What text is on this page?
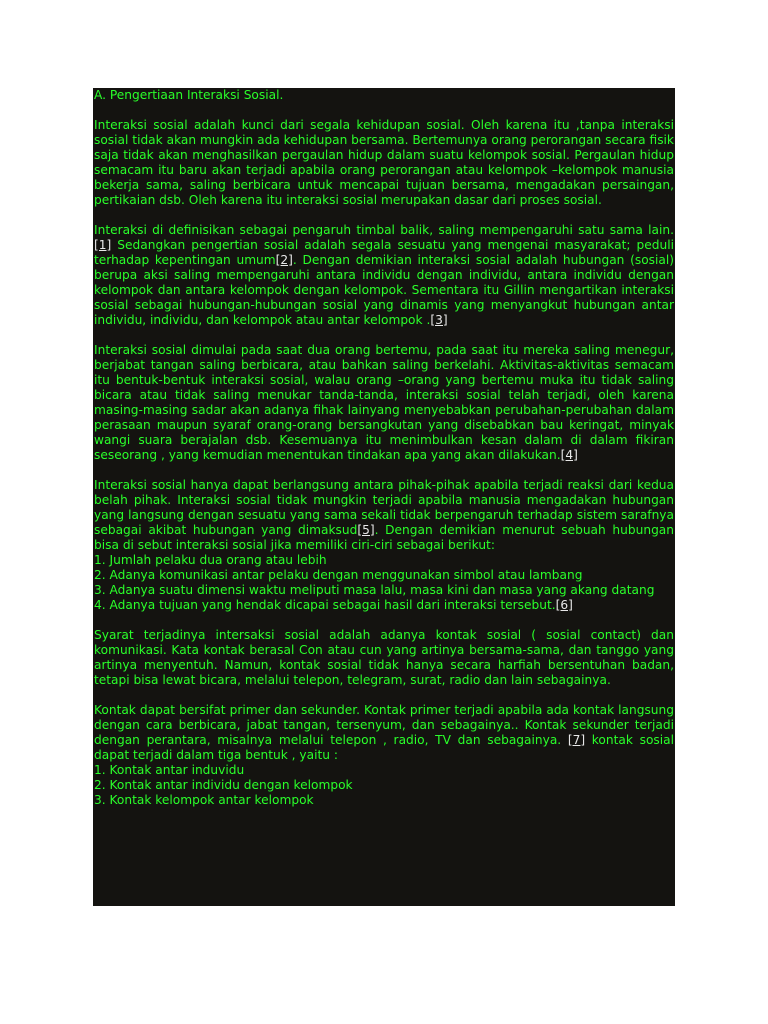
A. Pengertiaan Interaksi Sosial.

Interaksi sosial adalah kunci dari segala kehidupan sosial. Oleh karena itu ,tanpa interaksi sosial tidak akan mungkin ada kehidupan bersama. Bertemunya orang perorangan secara fisik saja tidak akan menghasilkan pergaulan hidup dalam suatu kelompok sosial. Pergaulan hidup semacam itu baru akan terjadi apabila orang perorangan atau kelompok –kelompok manusia bekerja sama, saling berbicara untuk mencapai tujuan bersama, mengadakan persaingan, pertikaian dsb. Oleh karena itu interaksi sosial merupakan dasar dari proses sosial.

Interaksi di definisikan sebagai pengaruh timbal balik, saling mempengaruhi satu sama lain. [1] Sedangkan pengertian sosial adalah segala sesuatu yang mengenai masyarakat; peduli terhadap kepentingan umum[2]. Dengan demikian interaksi sosial adalah hubungan (sosial) berupa aksi saling mempengaruhi antara individu dengan individu, antara individu dengan kelompok dan antara kelompok dengan kelompok. Sementara itu Gillin mengartikan interaksi sosial sebagai hubungan-hubungan sosial yang dinamis yang menyangkut hubungan antar individu, individu, dan kelompok atau antar kelompok .[3]

Interaksi sosial dimulai pada saat dua orang bertemu, pada saat itu mereka saling menegur, berjabat tangan saling berbicara, atau bahkan saling berkelahi. Aktivitas-aktivitas semacam itu bentuk-bentuk interaksi sosial, walau orang –orang yang bertemu muka itu tidak saling bicara atau tidak saling menukar tanda-tanda, interaksi sosial telah terjadi, oleh karena masing-masing sadar akan adanya fihak lainyang menyebabkan perubahan-perubahan dalam perasaan maupun syaraf orang-orang bersangkutan yang disebabkan bau keringat, minyak wangi suara berajalan dsb. Kesemuanya itu menimbulkan kesan dalam di dalam fikiran seseorang , yang kemudian menentukan tindakan apa yang akan dilakukan.[4]

Interaksi sosial hanya dapat berlangsung antara pihak-pihak apabila terjadi reaksi dari kedua belah pihak. Interaksi sosial tidak mungkin terjadi apabila manusia mengadakan hubungan yang langsung dengan sesuatu yang sama sekali tidak berpengaruh terhadap sistem sarafnya sebagai akibat hubungan yang dimaksud[5]. Dengan demikian menurut sebuah hubungan bisa di sebut interaksi sosial jika memiliki ciri-ciri sebagai berikut:
1. Jumlah pelaku dua orang atau lebih
2. Adanya komunikasi antar pelaku dengan menggunakan simbol atau lambang
3. Adanya suatu dimensi waktu meliputi masa lalu, masa kini dan masa yang akang datang
4. Adanya tujuan yang hendak dicapai sebagai hasil dari interaksi tersebut.[6]

Syarat terjadinya intersaksi sosial adalah adanya kontak sosial ( sosial contact) dan komunikasi. Kata kontak berasal Con atau cun yang artinya bersama-sama, dan tanggo yang artinya menyentuh. Namun, kontak sosial tidak hanya secara harfiah bersentuhan badan, tetapi bisa lewat bicara, melalui telepon, telegram, surat, radio dan lain sebagainya.

Kontak dapat bersifat primer dan sekunder. Kontak primer terjadi apabila ada kontak langsung dengan cara berbicara, jabat tangan, tersenyum, dan sebagainya.. Kontak sekunder terjadi dengan perantara, misalnya melalui telepon , radio, TV dan sebagainya. [7] kontak sosial dapat terjadi dalam tiga bentuk , yaitu :
1. Kontak antar induvidu
2. Kontak antar individu dengan kelompok
3. Kontak kelompok antar kelompok
